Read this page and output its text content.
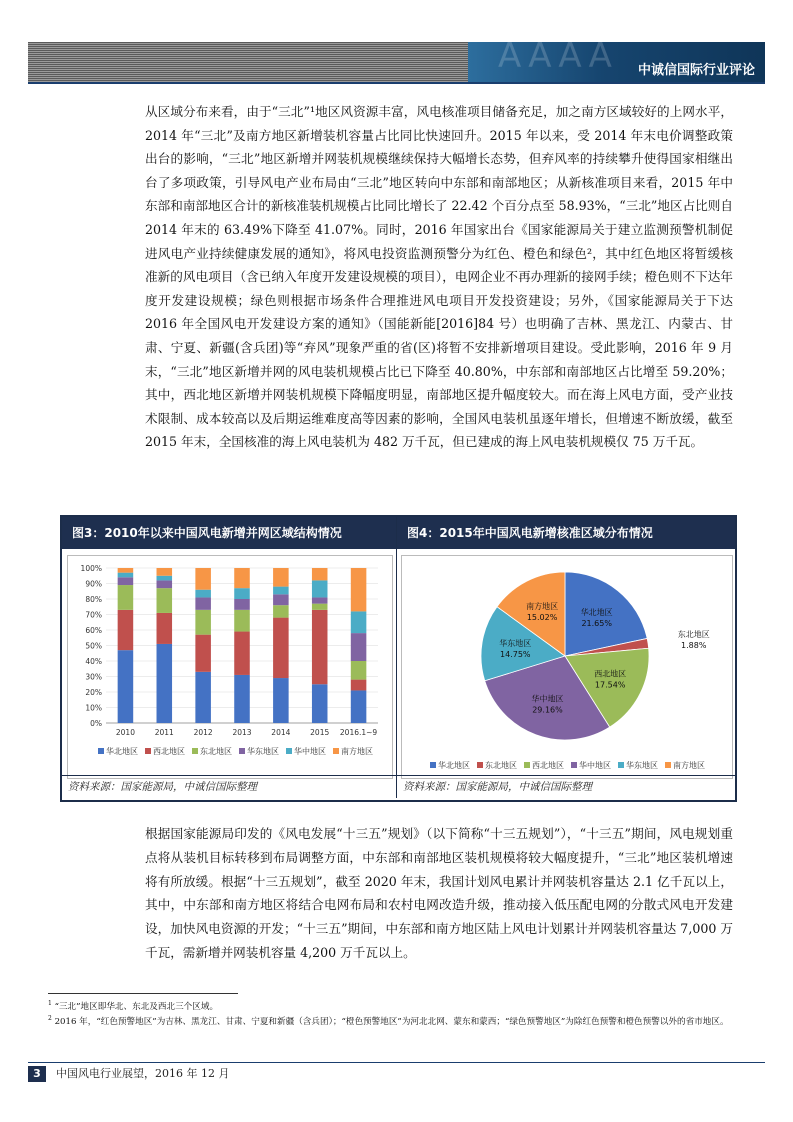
AAAA 中诚信国际行业评论

从区域分布来看，由于“三北”¹地区风资源丰富，风电核准项目储备充足，加之南方区域较好的上网水平，2014 年“三北”及南方地区新增装机容量占比同比快速回升。2015 年以来，受 2014 年末电价调整政策出台的影响，“三北”地区新增并网装机规模继续保持大幅增长态势，但弃风率的持续攀升使得国家相继出台了多项政策，引导风电产业布局由“三北”地区转向中东部和南部地区；从新核准项目来看，2015 年中东部和南部地区合计的新核准装机规模占比同比增长了 22.42 个百分点至 58.93%，“三北”地区占比则自 2014 年末的 63.49%下降至 41.07%。同时，2016 年国家出台《国家能源局关于建立监测预警机制促进风电产业持续健康发展的通知》，将风电投资监测预警分为红色、橙色和绿色²，其中红色地区将暂缓核准新的风电项目（含已纳入年度开发建设规模的项目），电网企业不再办理新的接网手续；橙色则不下达年度开发建设规模；绿色则根据市场条件合理推进风电项目开发投资建设；另外，《国家能源局关于下达 2016 年全国风电开发建设方案的通知》（国能新能[2016]84 号）也明确了吉林、黑龙江、内蒙古、甘肃、宁夏、新疆(含兵团)等“弃风”现象严重的省(区)将暂不安排新增项目建设。受此影响，2016 年 9 月末，“三北”地区新增并网的风电装机规模占比已下降至 40.80%，中东部和南部地区占比增至 59.20%；其中，西北地区新增并网装机规模下降幅度明显，南部地区提升幅度较大。而在海上风电方面，受产业技术限制、成本较高以及后期运维难度高等因素的影响，全国风电装机虽逐年增长，但增速不断放缓，截至 2015 年末，全国核准的海上风电装机为 482 万千瓦，但已建成的海上风电装机规模仅 75 万千瓦。

图3：2010年以来中国风电新增并网区域结构情况
0%
10%
20%
30%
40%
50%
60%
70%
80%
90%
100%
2010	2011	2012	2013	2014	2015 2016.1~9
华北地区 西北地区 东北地区 华东地区 华中地区 南方地区
资料来源：国家能源局，中诚信国际整理
图4：2015年中国风电新增核准区域分布情况
华北地区
21.65%
东北地区
1.88%
西北地区
17.54%
华中地区
29.16%
华东地区
14.75%
南方地区
15.02%
华北地区 东北地区 西北地区 华中地区 华东地区 南方地区
资料来源：国家能源局，中诚信国际整理

根据国家能源局印发的《风电发展“十三五”规划》（以下简称“十三五规划”），“十三五”期间，风电规划重点将从装机目标转移到布局调整方面，中东部和南部地区装机规模将较大幅度提升，“三北”地区装机增速将有所放缓。根据“十三五规划”，截至 2020 年末，我国计划风电累计并网装机容量达 2.1 亿千瓦以上，其中，中东部和南方地区将结合电网布局和农村电网改造升级，推动接入低压配电网的分散式风电开发建设，加快风电资源的开发；“十三五”期间，中东部和南方地区陆上风电计划累计并网装机容量达 7,000 万千瓦，需新增并网装机容量 4,200 万千瓦以上。

$^1$ “三北”地区即华北、东北及西北三个区域。
$^2$ 2016 年，“红色预警地区”为吉林、黑龙江、甘肃、宁夏和新疆（含兵团）；“橙色预警地区”为河北北网、蒙东和蒙西；“绿色预警地区”为除红色预警和橙色预警以外的省市地区。
3	中国风电行业展望，2016 年 12 月
